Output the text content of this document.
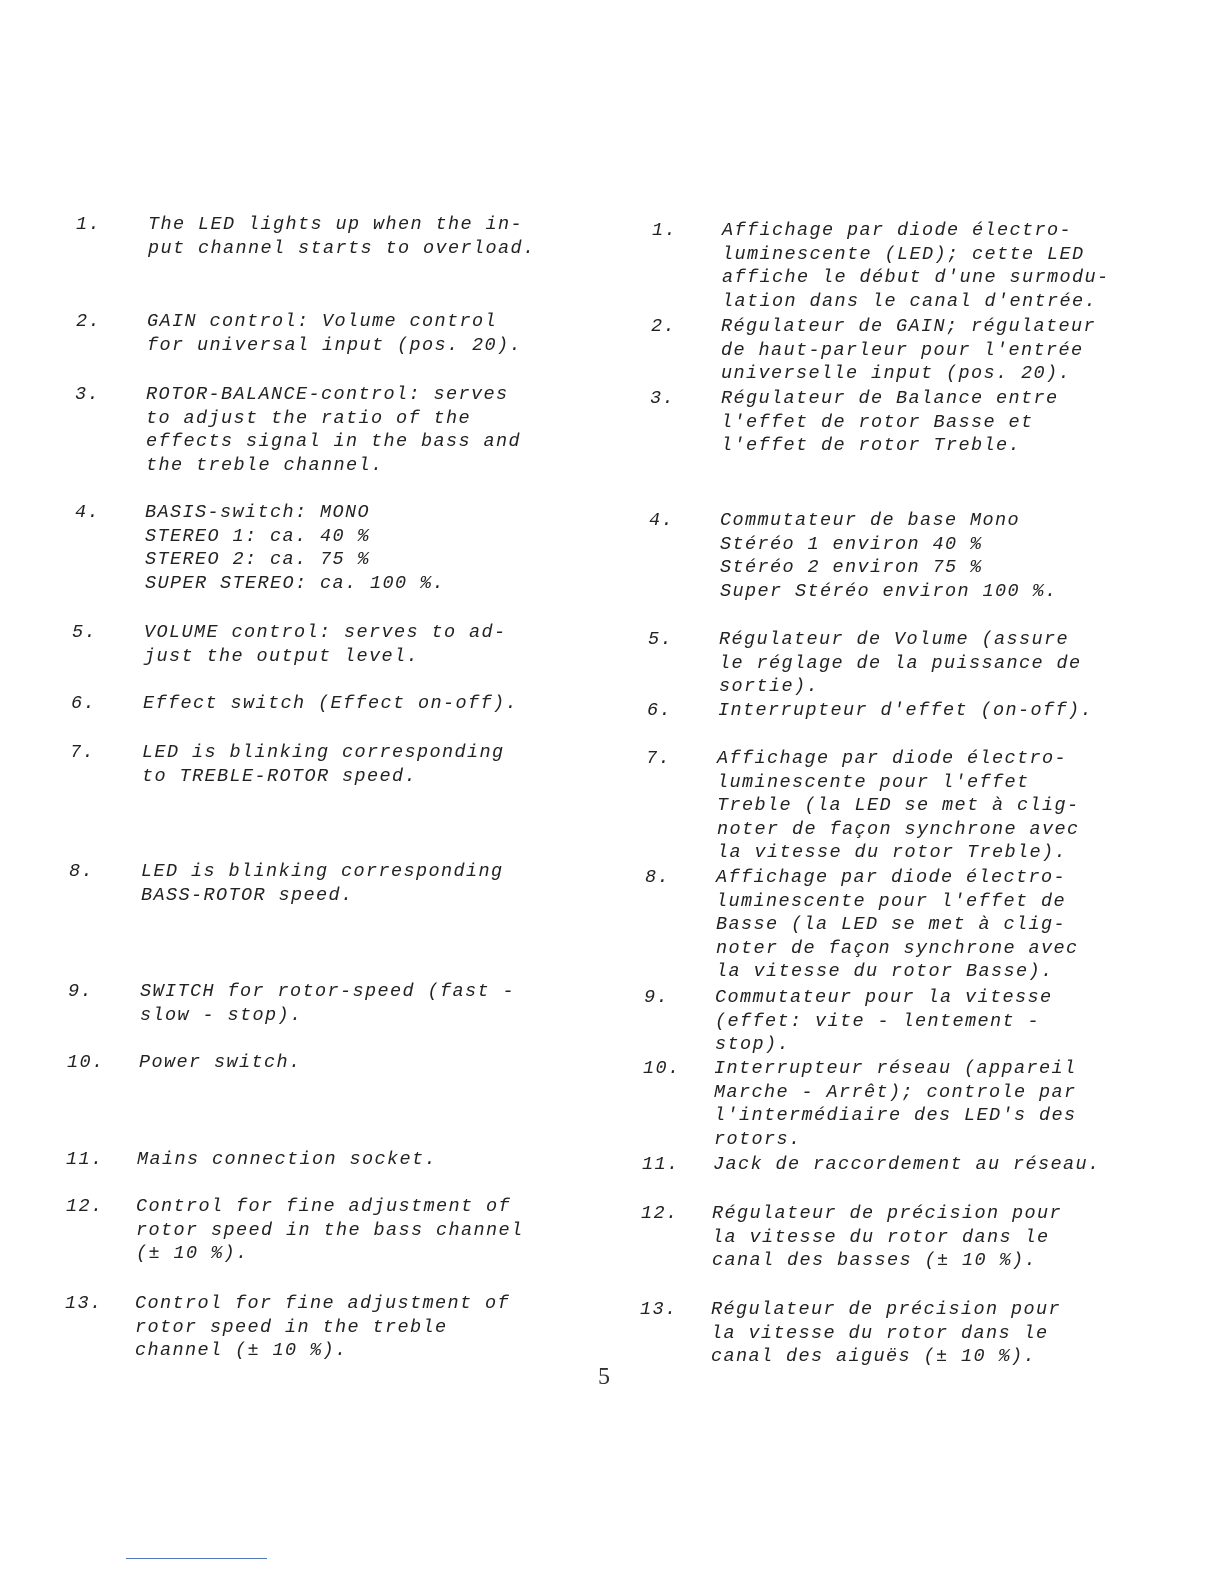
1.	The LED lights up when the in-
put channel starts to overload.
2. GAIN control: Volume control
for universal input (pos. 20).
3. ROTOR-BALANCE-control: serves
to adjust the ratio of the
effects signal in the bass and
the treble channel.
4. BASIS-switch: MONO
STEREO 1: ca. 40 %
STEREO 2: ca. 75 %
SUPER STEREO: ca. 100 %.
5.	VOLUME control: serves to ad-
just the output level.
6.	Effect switch (Effect on-off).
7.	LED is blinking corresponding
to TREBLE-ROTOR speed.
8.	LED is blinking corresponding
BASS-ROTOR speed.
9.	SWITCH for rotor-speed (fast -
slow - stop).
10. Power switch.
11. Mains connection socket.
12. Control for fine adjustment of
rotor speed in the bass channel
(± 10 %).
13. Control for fine adjustment of
rotor speed in the treble
channel (± 10 %).
1. Affichage par diode électro-
luminescente (LED); cette LED
affiche le début d'une surmodu-
lation dans le canal d'entrée.
2. Régulateur de GAIN; régulateur
de haut-parleur pour l'entrée
universelle input (pos. 20).
3. Régulateur de Balance entre
l'effet de rotor Basse et
l'effet de rotor Treble.
4. Commutateur de base Mono
Stéréo 1 environ 40 %
Stéréo 2 environ 75 %
Super Stéréo environ 100 %.
5. Régulateur de Volume (assure
le réglage de la puissance de
sortie).
6. Interrupteur d'effet (on-off).
7. Affichage par diode électro-
luminescente pour l'effet
Treble (la LED se met à clig-
noter de façon synchrone avec
la vitesse du rotor Treble).
8. Affichage par diode électro-
luminescente pour l'effet de
Basse (la LED se met à clig-
noter de façon synchrone avec
la vitesse du rotor Basse).
9. Commutateur pour la vitesse
(effet: vite - lentement -
stop).
10. Interrupteur réseau (appareil
Marche - Arrêt); controle par
l'intermédiaire des LED's des
rotors.
11. Jack de raccordement au réseau.
12. Régulateur de précision pour
la vitesse du rotor dans le
canal des basses (± 10 %).
13. Régulateur de précision pour
la vitesse du rotor dans le
canal des aiguës (± 10 %).
5
